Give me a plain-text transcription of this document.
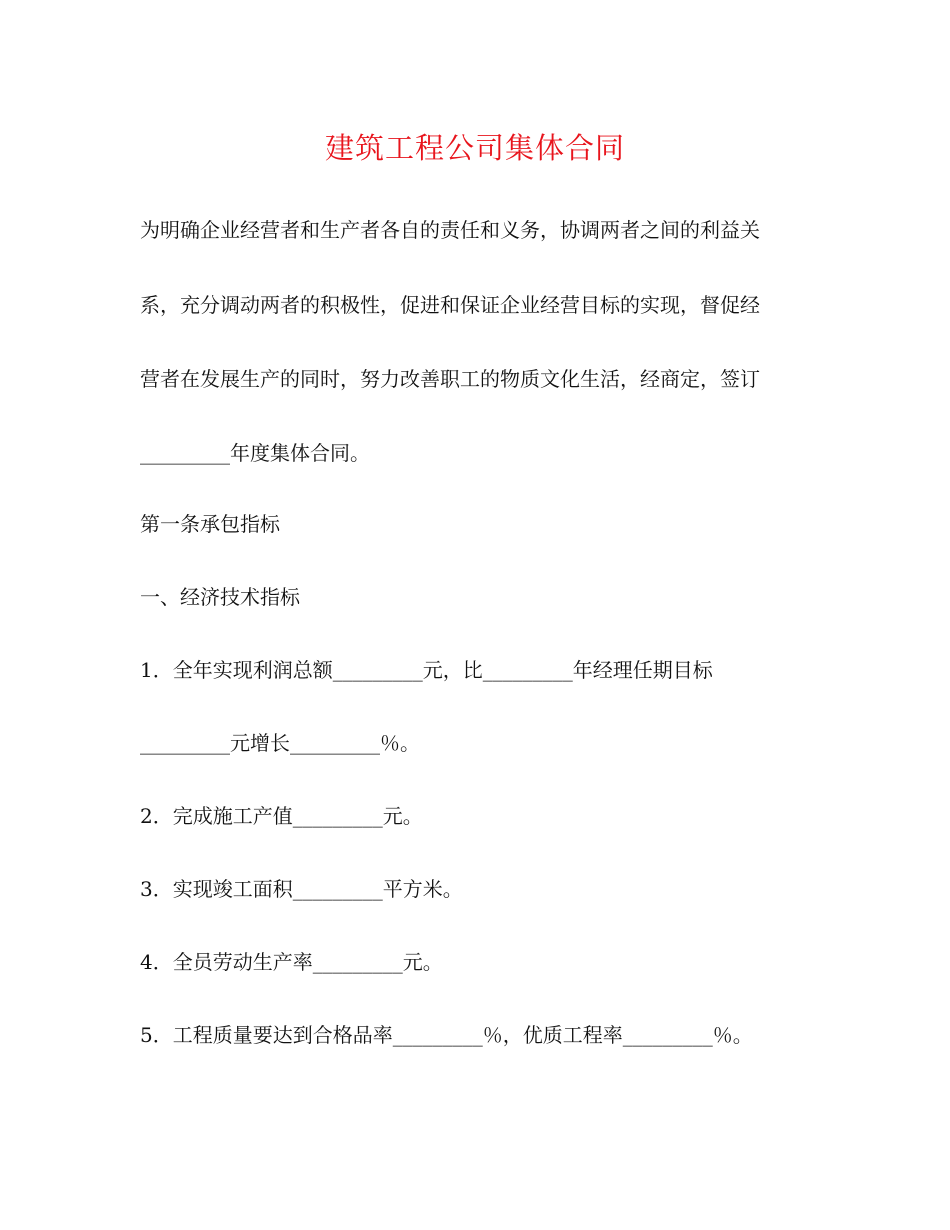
建筑工程公司集体合同
为明确企业经营者和生产者各自的责任和义务，协调两者之间的利益关
系，充分调动两者的积极性，促进和保证企业经营目标的实现，督促经
营者在发展生产的同时，努力改善职工的物质文化生活，经商定，签订
_________年度集体合同。
第一条承包指标
一、经济技术指标
1．全年实现利润总额_________元，比_________年经理任期目标
_________元增长_________％。
2．完成施工产值_________元。
3．实现竣工面积_________平方米。
4．全员劳动生产率_________元。
5．工程质量要达到合格品率_________％，优质工程率_________％。
